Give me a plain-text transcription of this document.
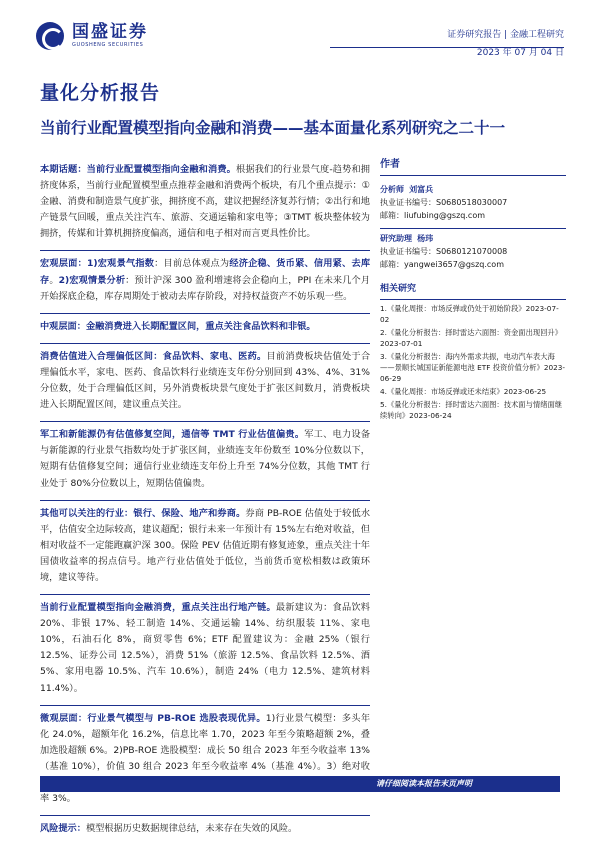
国盛证券
GUOSHENG SECURITIES
证券研究报告 | 金融工程研究
2023 年 07 月 04 日
量化分析报告
当前行业配置模型指向金融和消费——基本面量化系列研究之二十一

本期话题：当前行业配置模型指向金融和消费。根据我们的行业景气度-趋势和拥挤度体系，当前行业配置模型重点推荐金融和消费两个板块，有几个重点提示：①金融、消费和制造景气度扩张，拥挤度不高，建议把握经济复苏行情；②出行和地产链景气回暖，重点关注汽车、旅游、交通运输和家电等；③TMT 板块整体较为拥挤，传媒和计算机拥挤度偏高，通信和电子相对而言更具性价比。

宏观层面：1)宏观景气指数：目前总体观点为经济企稳、货币紧、信用紧、去库存。2)宏观情景分析：预计沪深 300 盈利增速将会企稳向上，PPI 在未来几个月开始探底企稳，库存周期处于被动去库存阶段，对持权益资产不妨乐观一些。

中观层面：金融消费进入长期配置区间，重点关注食品饮料和非银。

消费估值进入合理偏低区间：食品饮料、家电、医药。目前消费板块估值处于合理偏低水平，家电、医药、食品饮料行业绩连支年份分别回到 43%、4%、31%分位数，处于合理偏低区间，另外消费板块景气度处于扩张区间数月，消费板块进入长期配置区间，建议重点关注。

军工和新能源仍有估值修复空间，通信等 TMT 行业估值偏贵。军工、电力设备与新能源的行业景气指数均处于扩张区间，业绩连支年份数至 10%分位数以下，短期有估值修复空间；通信行业业绩连支年份上升至 74%分位数，其他 TMT 行业处于 80%分位数以上，短期估值偏贵。

其他可以关注的行业：银行、保险、地产和券商。券商 PB-ROE 估值处于较低水平，估值安全边际较高，建议超配；银行未来一年预计有 15%左右绝对收益，但相对收益不一定能跑赢沪深 300。保险 PEV 估值近期有修复迹象，重点关注十年国债收益率的拐点信号。地产行业估值处于低位，当前货币宽松相数は政策环境，建议等待。

当前行业配置模型指向金融消费，重点关注出行地产链。最新建议为：食品饮料 20%、非银 17%、轻工制造 14%、交通运输 14%、纺织服装 11%、家电 10%，石油石化 8%，商贸零售 6%；ETF 配置建议为：金融 25%（银行 12.5%、证券公司 12.5%），消费 51%（旅游 12.5%、食品饮料 12.5%、酒 5%、家用电器 10.5%、汽车 10.6%），制造 24%（电力 12.5%、建筑材料 11.4%）。

微观层面：行业景气模型与 PB-ROE 选股表现优异。1)行业景气模型：多头年化 24.0%，超额年化 16.2%，信息比率 1.70，2023 年至今策略超额 2%，叠加选股超额 6%。2)PB-ROE 选股模型：成长 50 组合 2023 年至今收益率 13%（基准 10%），价值 30 组合 2023 年至今收益率 4%（基准 4%）。3）绝对收 率 3%。

风险提示：模型根据历史数据规律总结，未来存在失效的风险。

作者
分析师 刘富兵
执业证书编号：S0680518030007
邮箱：liufubing@gszq.com
研究助理 杨玮
执业证书编号：S0680121070008
邮箱：yangwei3657@gszq.com
相关研究
1.《量化周报：市场反弹或仍处于初始阶段》2023-07-02
2.《量化分析报告：择时雷达六面图：资金面出现回升》2023-07-01
3.《量化分析报告：海内外需求共振，电动汽车表大海——景顺长城国证新能源电池 ETF 投资价值分析》2023-06-29
4.《量化周报：市场反弹或还未结束》2023-06-25
5.《量化分析报告：择时雷达六面图：技术面与情绪面继续转向》2023-06-24
请仔细阅读本报告末页声明
